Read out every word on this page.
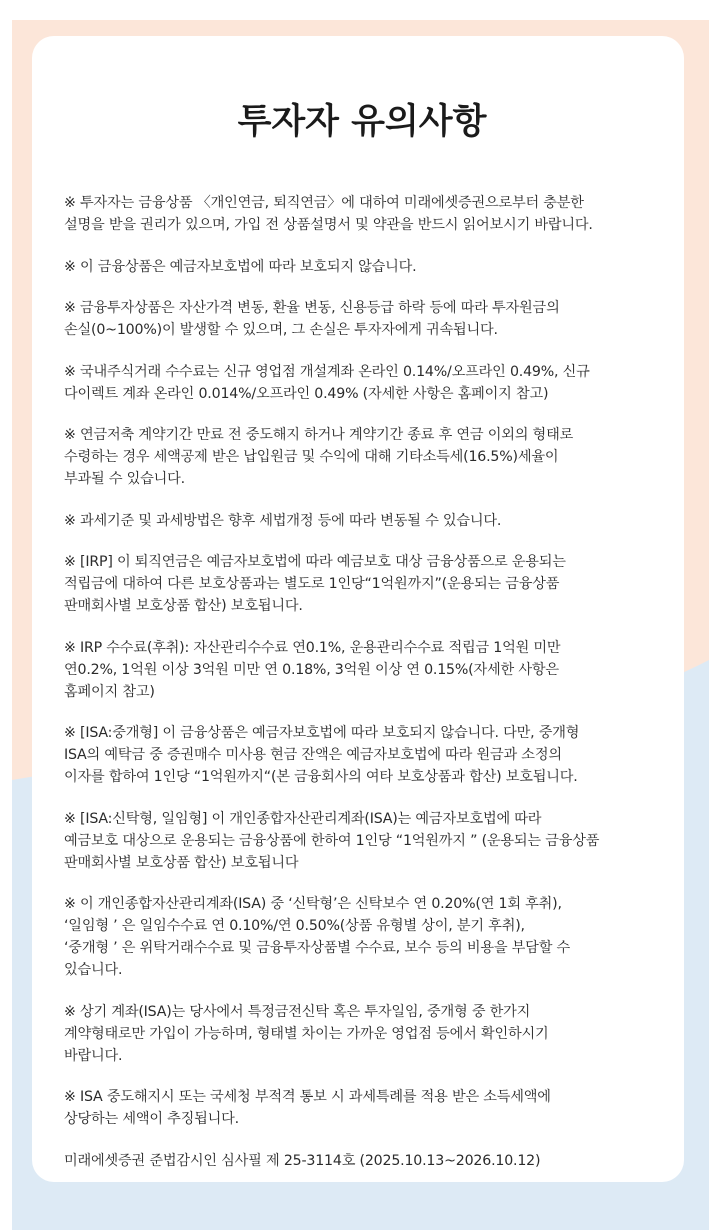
투자자 유의사항
※ 투자자는 금융상품 〈개인연금, 퇴직연금〉에 대하여 미래에셋증권으로부터 충분한
설명을 받을 권리가 있으며, 가입 전 상품설명서 및 약관을 반드시 읽어보시기 바랍니다.
※ 이 금융상품은 예금자보호법에 따라 보호되지 않습니다.
※ 금융투자상품은 자산가격 변동, 환율 변동, 신용등급 하락 등에 따라 투자원금의
손실(0~100%)이 발생할 수 있으며, 그 손실은 투자자에게 귀속됩니다.
※ 국내주식거래 수수료는 신규 영업점 개설계좌 온라인 0.14%/오프라인 0.49%, 신규
다이렉트 계좌 온라인 0.014%/오프라인 0.49% (자세한 사항은 홈페이지 참고)
※ 연금저축 계약기간 만료 전 중도해지 하거나 계약기간 종료 후 연금 이외의 형태로
수령하는 경우 세액공제 받은 납입원금 및 수익에 대해 기타소득세(16.5%)세율이
부과될 수 있습니다.
※ 과세기준 및 과세방법은 향후 세법개정 등에 따라 변동될 수 있습니다.
※ [IRP] 이 퇴직연금은 예금자보호법에 따라 예금보호 대상 금융상품으로 운용되는
적립금에 대하여 다른 보호상품과는 별도로 1인당“1억원까지”(운용되는 금융상품
판매회사별 보호상품 합산) 보호됩니다.
※ IRP 수수료(후취): 자산관리수수료 연0.1%, 운용관리수수료 적립금 1억원 미만
연0.2%, 1억원 이상 3억원 미만 연 0.18%, 3억원 이상 연 0.15%(자세한 사항은
홈페이지 참고)
※ [ISA:중개형] 이 금융상품은 예금자보호법에 따라 보호되지 않습니다. 다만, 중개형
ISA의 예탁금 중 증권매수 미사용 현금 잔액은 예금자보호법에 따라 원금과 소정의
이자를 합하여 1인당 “1억원까지“(본 금융회사의 여타 보호상품과 합산) 보호됩니다.
※ [ISA:신탁형, 일임형] 이 개인종합자산관리계좌(ISA)는 예금자보호법에 따라
예금보호 대상으로 운용되는 금융상품에 한하여 1인당 “1억원까지 ” (운용되는 금융상품
판매회사별 보호상품 합산) 보호됩니다
※ 이 개인종합자산관리계좌(ISA) 중 ‘신탁형’은 신탁보수 연 0.20%(연 1회 후취),
‘일임형 ’ 은 일임수수료 연 0.10%/연 0.50%(상품 유형별 상이, 분기 후취),
‘중개형 ’ 은 위탁거래수수료 및 금융투자상품별 수수료, 보수 등의 비용을 부담할 수
있습니다.
※ 상기 계좌(ISA)는 당사에서 특정금전신탁 혹은 투자일임, 중개형 중 한가지
계약형태로만 가입이 가능하며, 형태별 차이는 가까운 영업점 등에서 확인하시기
바랍니다.
※ ISA 중도해지시 또는 국세청 부적격 통보 시 과세특례를 적용 받은 소득세액에
상당하는 세액이 추징됩니다.

미래에셋증권 준법감시인 심사필 제 25-3114호 (2025.10.13~2026.10.12)
